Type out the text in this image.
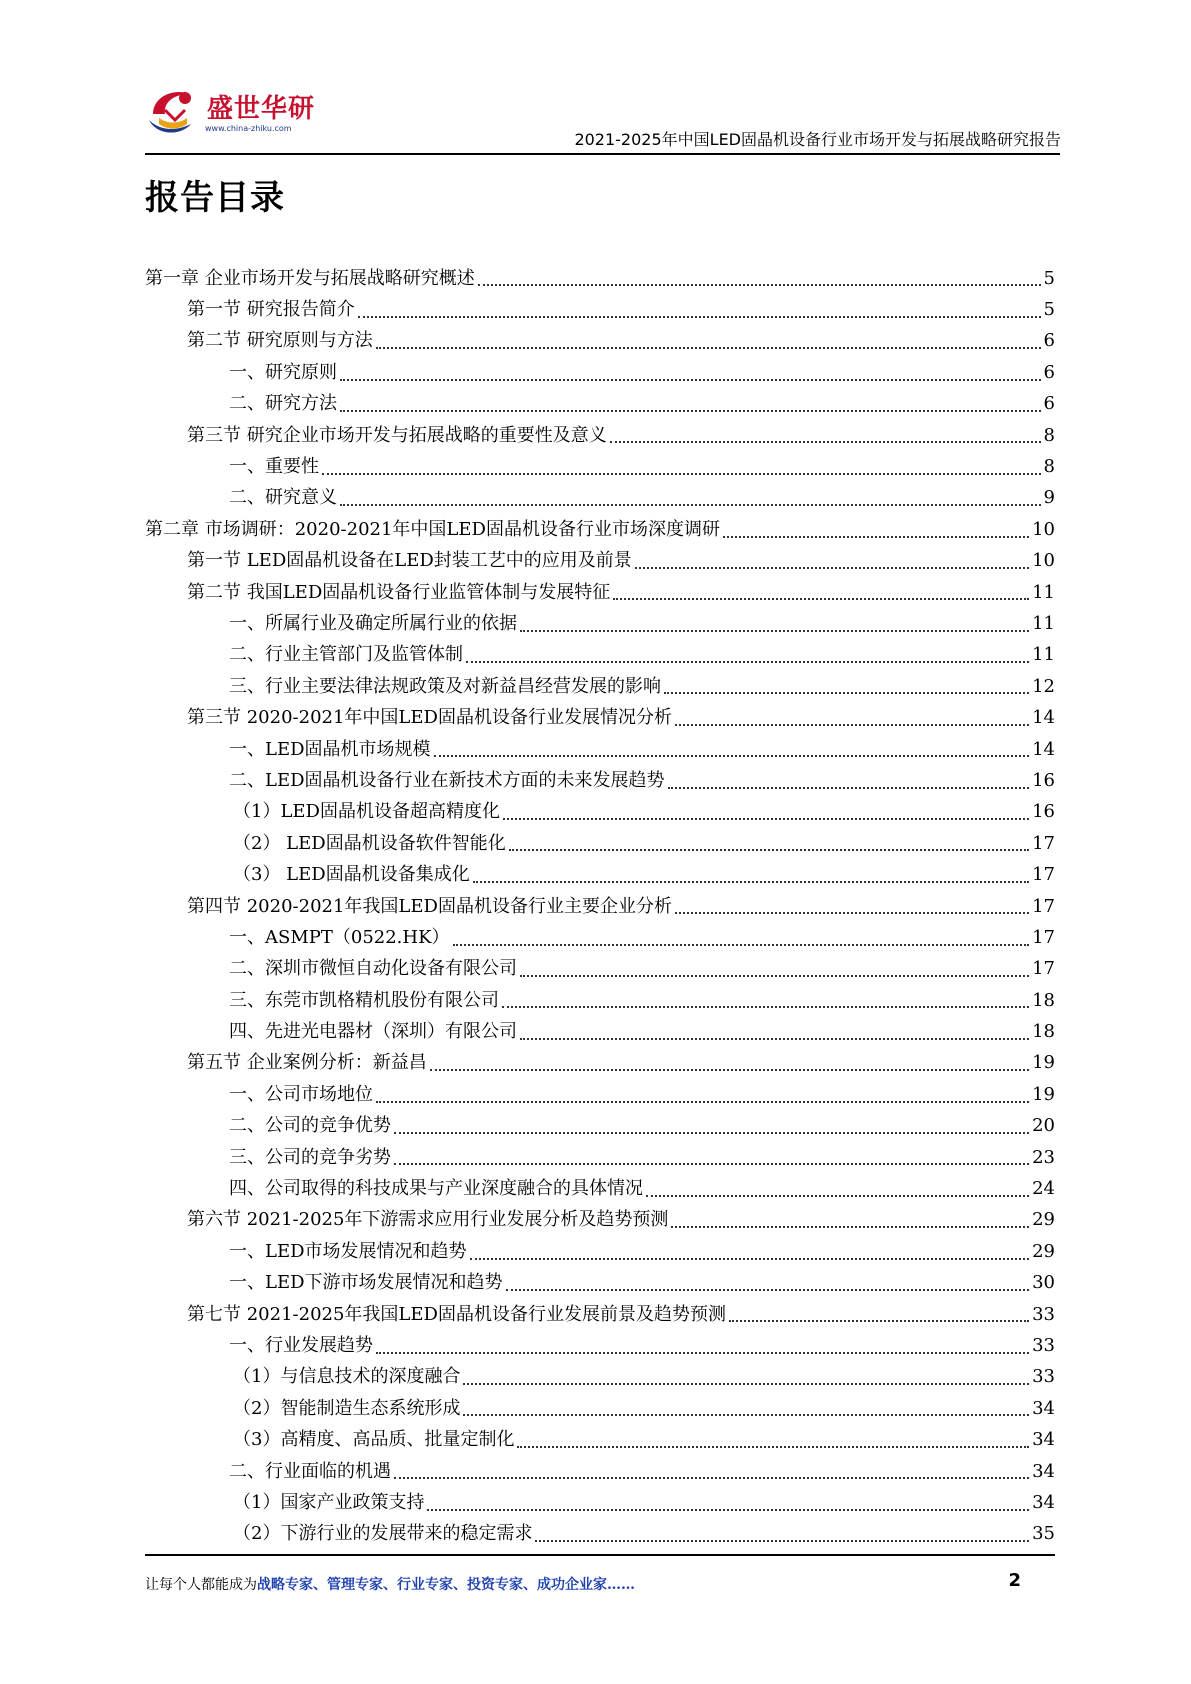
盛世华研
www.china-zhiku.com
2021-2025年中国LED固晶机设备行业市场开发与拓展战略研究报告
报告目录
第一章 企业市场开发与拓展战略研究概述	5
第一节 研究报告简介	5
第二节 研究原则与方法	6
一、研究原则	6
二、研究方法	6
第三节 研究企业市场开发与拓展战略的重要性及意义	8
一、重要性	8
二、研究意义	9
第二章 市场调研：2020-2021年中国LED固晶机设备行业市场深度调研	10
第一节 LED固晶机设备在LED封装工艺中的应用及前景	10
第二节 我国LED固晶机设备行业监管体制与发展特征	11
一、所属行业及确定所属行业的依据	11
二、行业主管部门及监管体制	11
三、行业主要法律法规政策及对新益昌经营发展的影响	12
第三节 2020-2021年中国LED固晶机设备行业发展情况分析	14
一、LED固晶机市场规模	14
二、LED固晶机设备行业在新技术方面的未来发展趋势	16
（1）LED固晶机设备超高精度化	16
（2） LED固晶机设备软件智能化	17
（3） LED固晶机设备集成化	17
第四节 2020-2021年我国LED固晶机设备行业主要企业分析	17
一、ASMPT（0522.HK）	17
二、深圳市微恒自动化设备有限公司	17
三、东莞市凯格精机股份有限公司	18
四、先进光电器材（深圳）有限公司	18
第五节 企业案例分析：新益昌	19
一、公司市场地位	19
二、公司的竞争优势	20
三、公司的竞争劣势	23
四、公司取得的科技成果与产业深度融合的具体情况	24
第六节 2021-2025年下游需求应用行业发展分析及趋势预测	29
一、LED市场发展情况和趋势	29
一、LED下游市场发展情况和趋势	30
第七节 2021-2025年我国LED固晶机设备行业发展前景及趋势预测	33
一、行业发展趋势	33
（1）与信息技术的深度融合	33
（2）智能制造生态系统形成	34
（3）高精度、高品质、批量定制化	34
二、行业面临的机遇	34
（1）国家产业政策支持	34
（2）下游行业的发展带来的稳定需求	35
让每个人都能成为战略专家、管理专家、行业专家、投资专家、成功企业家……	2
